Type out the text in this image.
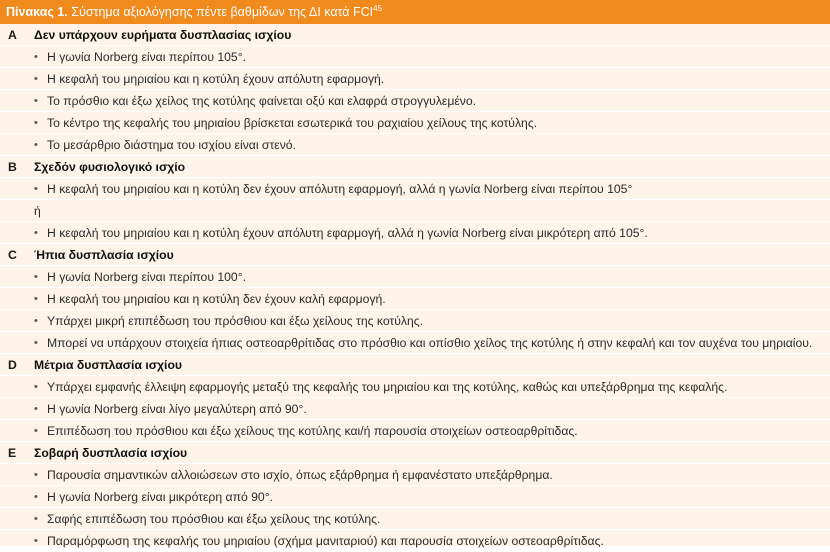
Πίνακας 1. Σύστημα αξιολόγησης πέντε βαθμίδων της ΔΙ κατά FCI$^{45}$
A	Δεν υπάρχουν ευρήματα δυσπλασίας ισχίου
• Η γωνία Norberg είναι περίπου 105°.
• Η κεφαλή του μηριαίου και η κοτύλη έχουν απόλυτη εφαρμογή.
• Το πρόσθιο και έξω χείλος της κοτύλης φαίνεται οξύ και ελαφρά στρογγυλεμένο.
• Το κέντρο της κεφαλής του μηριαίου βρίσκεται εσωτερικά του ραχιαίου χείλους της κοτύλης.
• Το μεσάρθριο διάστημα του ισχίου είναι στενό.
B	Σχεδόν φυσιολογικό ισχίο
• Η κεφαλή του μηριαίου και η κοτύλη δεν έχουν απόλυτη εφαρμογή, αλλά η γωνία Norberg είναι περίπου 105°
ή
• Η κεφαλή του μηριαίου και η κοτύλη έχουν απόλυτη εφαρμογή, αλλά η γωνία Norberg είναι μικρότερη από 105°.
C	Ήπια δυσπλασία ισχίου
• Η γωνία Norberg είναι περίπου 100°.
• Η κεφαλή του μηριαίου και η κοτύλη δεν έχουν καλή εφαρμογή.
• Υπάρχει μικρή επιπέδωση του πρόσθιου και έξω χείλους της κοτύλης.
• Μπορεί να υπάρχουν στοιχεία ήπιας οστεοαρθρίτιδας στο πρόσθιο και οπίσθιο χείλος της κοτύλης ή στην κεφαλή και τον αυχένα του μηριαίου.
D	Μέτρια δυσπλασία ισχίου
• Υπάρχει εμφανής έλλειψη εφαρμογής μεταξύ της κεφαλής του μηριαίου και της κοτύλης, καθώς και υπεξάρθρημα της κεφαλής.
• Η γωνία Norberg είναι λίγο μεγαλύτερη από 90°.
• Επιπέδωση του πρόσθιου και έξω χείλους της κοτύλης και/ή παρουσία στοιχείων οστεοαρθρίτιδας.
E	Σοβαρή δυσπλασία ισχίου
• Παρουσία σημαντικών αλλοιώσεων στο ισχίο, όπως εξάρθρημα ή εμφανέστατο υπεξάρθρημα.
• Η γωνία Norberg είναι μικρότερη από 90°.
• Σαφής επιπέδωση του πρόσθιου και έξω χείλους της κοτύλης.
• Παραμόρφωση της κεφαλής του μηριαίου (σχήμα μανιταριού) και παρουσία στοιχείων οστεοαρθρίτιδας.
